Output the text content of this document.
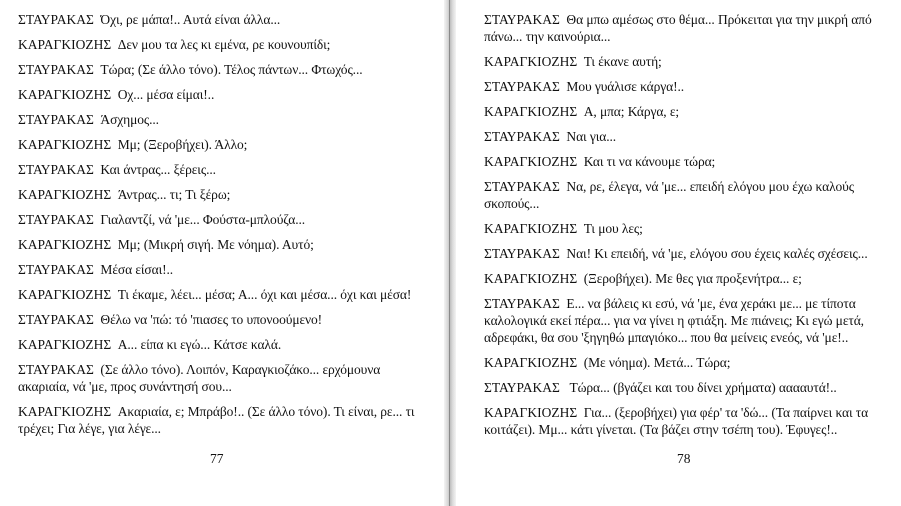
ΣΤΑΥΡΑΚΑΣ Όχι, ρε μάπα!.. Αυτά είναι άλλα...

ΚΑΡΑΓΚΙΟΖΗΣ Δεν μου τα λες κι εμένα, ρε κουνουπίδι;

ΣΤΑΥΡΑΚΑΣ Τώρα; (Σε άλλο τόνο). Τέλος πάντων... Φτωχός...

ΚΑΡΑΓΚΙΟΖΗΣ Οχ... μέσα είμαι!..

ΣΤΑΥΡΑΚΑΣ Άσχημος...

ΚΑΡΑΓΚΙΟΖΗΣ Μμ; (Ξεροβήχει). Άλλο;

ΣΤΑΥΡΑΚΑΣ Και άντρας... ξέρεις...

ΚΑΡΑΓΚΙΟΖΗΣ Άντρας... τι; Τι ξέρω;

ΣΤΑΥΡΑΚΑΣ Γιαλαντζί, νά 'με... Φούστα-μπλούζα...

ΚΑΡΑΓΚΙΟΖΗΣ Μμ; (Μικρή σιγή. Με νόημα). Αυτό;

ΣΤΑΥΡΑΚΑΣ Μέσα είσαι!..

ΚΑΡΑΓΚΙΟΖΗΣ Τι έκαμε, λέει... μέσα; Α... όχι και μέσα... όχι και μέσα!

ΣΤΑΥΡΑΚΑΣ Θέλω να 'πώ: τό 'πιασες το υπονοούμενο!

ΚΑΡΑΓΚΙΟΖΗΣ Α... είπα κι εγώ... Κάτσε καλά.

ΣΤΑΥΡΑΚΑΣ (Σε άλλο τόνο). Λοιπόν, Καραγκιοζάκο... ερχόμουνα ακαριαία, νά 'με, προς συνάντησή σου...

ΚΑΡΑΓΚΙΟΖΗΣ Ακαριαία, ε; Μπράβο!.. (Σε άλλο τόνο). Τι είναι, ρε... τι τρέχει; Για λέγε, για λέγε...

77

ΣΤΑΥΡΑΚΑΣ Θα μπω αμέσως στο θέμα... Πρόκειται για την μικρή από πάνω... την καινούρια...

ΚΑΡΑΓΚΙΟΖΗΣ Τι έκανε αυτή;

ΣΤΑΥΡΑΚΑΣ Μου γυάλισε κάργα!..

ΚΑΡΑΓΚΙΟΖΗΣ Α, μπα; Κάργα, ε;

ΣΤΑΥΡΑΚΑΣ Ναι για...

ΚΑΡΑΓΚΙΟΖΗΣ Και τι να κάνουμε τώρα;

ΣΤΑΥΡΑΚΑΣ Να, ρε, έλεγα, νά 'με... επειδή ελόγου μου έχω καλούς σκοπούς...

ΚΑΡΑΓΚΙΟΖΗΣ Τι μου λες;

ΣΤΑΥΡΑΚΑΣ Ναι! Κι επειδή, νά 'με, ελόγου σου έχεις καλές σχέσεις...

ΚΑΡΑΓΚΙΟΖΗΣ (Ξεροβήχει). Με θες για προξενήτρα... ε;

ΣΤΑΥΡΑΚΑΣ Ε... να βάλεις κι εσύ, νά 'με, ένα χεράκι με... με τίποτα καλολογικά εκεί πέρα... για να γίνει η φτιάξη. Με πιάνεις; Κι εγώ μετά, αδρεφάκι, θα σου 'ξηγηθώ μπαγιόκο... που θα μείνεις ενεός, νά 'με!..

ΚΑΡΑΓΚΙΟΖΗΣ (Με νόημα). Μετά... Τώρα;

ΣΤΑΥΡΑΚΑΣ   Τώρα... (βγάζει και του δίνει χρήματα) ααααυτά!..

ΚΑΡΑΓΚΙΟΖΗΣ Για... (ξεροβήχει) για φέρ' τα 'δώ... (Τα παίρνει και τα κοιτάζει). Μμ... κάτι γίνεται. (Τα βάζει στην τσέπη του). Έφυγες!..

78
